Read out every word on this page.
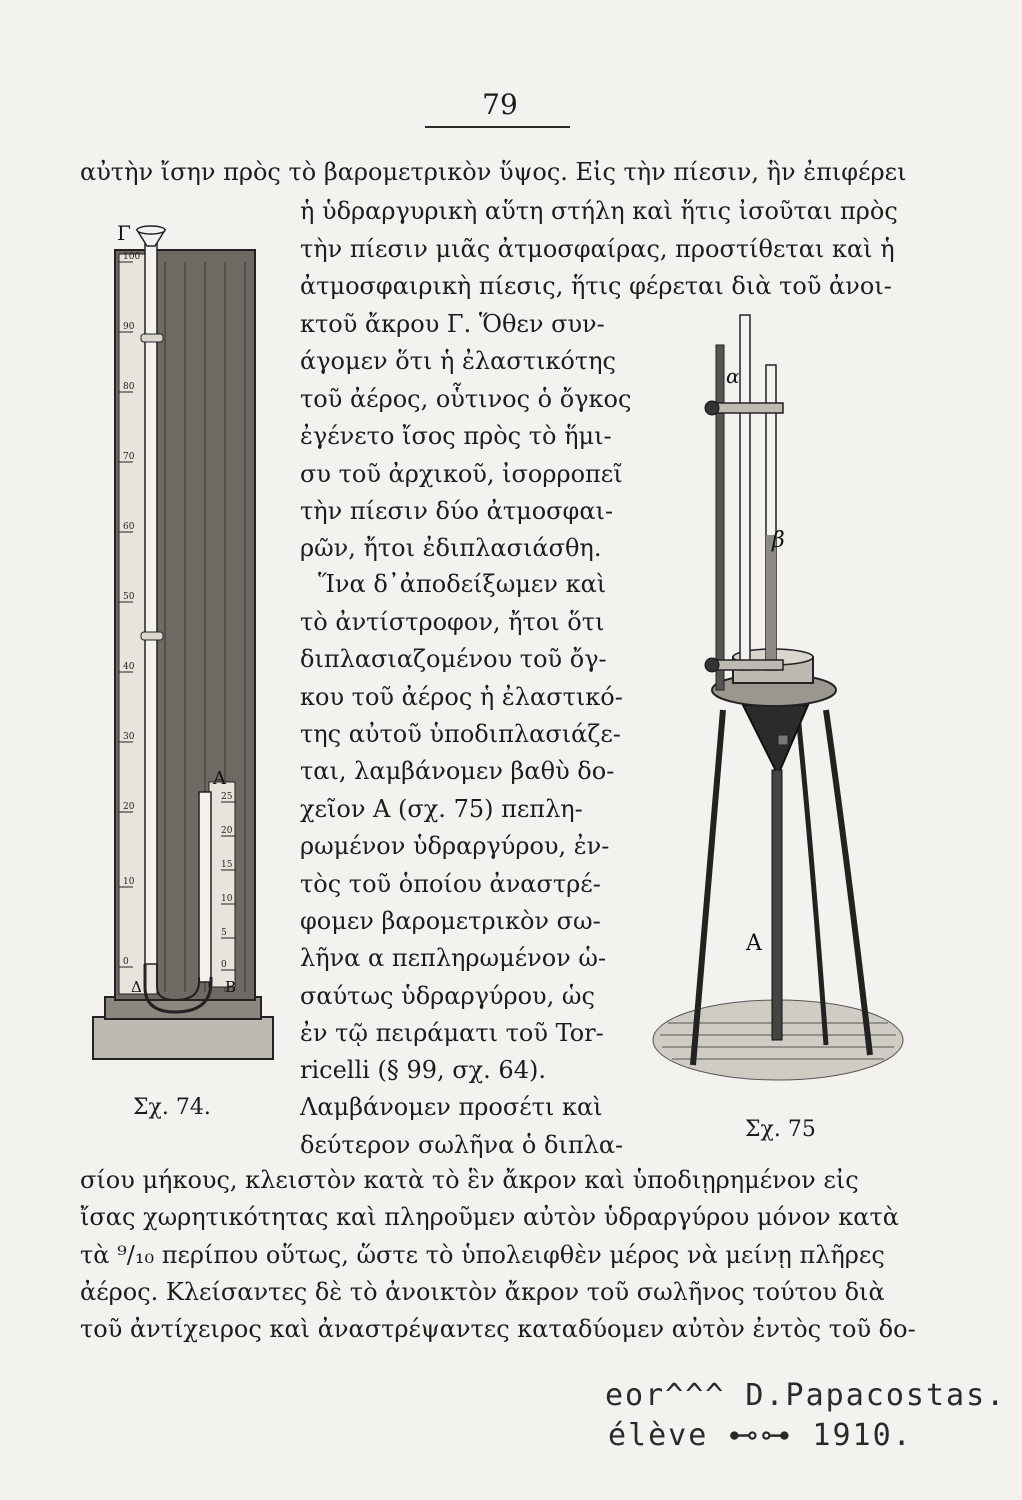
79
αὐτὴν ἴσην πρὸς τὸ βαρομετρικὸν ὕψος. Εἰς τὴν πίεσιν, ἣν ἐπιφέρει
ἡ ὑδραργυρικὴ αὕτη στήλη καὶ ἥτις ἰσοῦται πρὸς
τὴν πίεσιν μιᾶς ἀτμοσφαίρας, προστίθεται καὶ ἡ
ἀτμοσφαιρικὴ πίεσις, ἥτις φέρεται διὰ τοῦ ἀνοι-
κτοῦ ἄκρου Γ. Ὅθεν συν-
άγομεν ὅτι ἡ ἐλαστικότης
τοῦ ἀέρος, οὗτινος ὁ ὄγκος
ἐγένετο ἴσος πρὸς τὸ ἥμι-
συ τοῦ ἀρχικοῦ, ἰσορροπεῖ
τὴν πίεσιν δύο ἀτμοσφαι-
ρῶν, ἤτοι ἐδιπλασιάσθη.
Ἵνα δ᾿ἀποδείξωμεν καὶ
τὸ ἀντίστροφον, ἤτοι ὅτι
διπλασιαζομένου τοῦ ὄγ-
κου τοῦ ἀέρος ἡ ἐλαστικό-
της αὐτοῦ ὑποδιπλασιάζε-
ται, λαμβάνομεν βαθὺ δο-
χεῖον Α (σχ. 75) πεπλη-
ρωμένον ὑδραργύρου, ἐν-
τὸς τοῦ ὁποίου ἀναστρέ-
φομεν βαρομετρικὸν σω-
λῆνα α πεπληρωμένον ὡ-
σαύτως ὑδραργύρου, ὡς
ἐν τῷ πειράματι τοῦ Tor-
ricelli (§ 99, σχ. 64).
Λαμβάνομεν προσέτι καὶ
δεύτερον σωλῆνα ὁ διπλα-
σίου μήκους, κλειστὸν κατὰ τὸ ἓν ἄκρον καὶ ὑποδιῃρημένον εἰς
ἴσας χωρητικότητας καὶ πληροῦμεν αὐτὸν ὑδραργύρου μόνον κατὰ
τὰ ⁹/₁₀ περίπου οὕτως, ὥστε τὸ ὑπολειφθὲν μέρος νὰ μείνῃ πλῆρες
ἀέρος. Κλείσαντες δὲ τὸ ἀνοικτὸν ἄκρον τοῦ σωλῆνος τούτου διὰ
τοῦ ἀντίχειρος καὶ ἀναστρέψαντες καταδύομεν αὐτὸν ἐντὸς τοῦ δο-
100
90
80
70
60
50
40
30
20
10
0
25
20
15
10
5
0
Γ
Α
Δ	Β
Σχ. 74.
α
β
Α
Σχ. 75
eor^^^ D.Papacostas.
élève ⊷⊶ 1910.
